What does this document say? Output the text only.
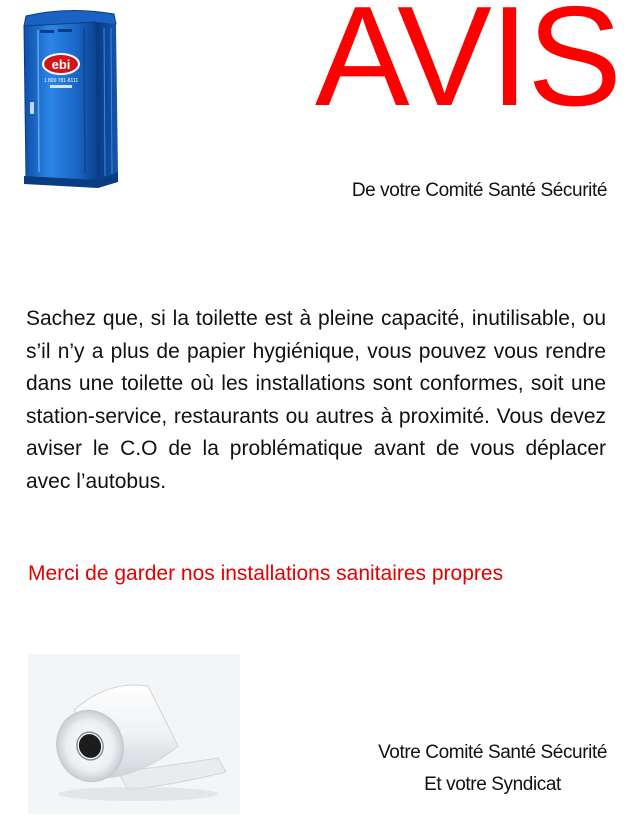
ebi
1 800 781-8111	AVIS
De votre Comité Santé Sécurité
Sachez que, si la toilette est à pleine capacité, inutilisable, ou s’il n’y a plus de papier hygiénique, vous pouvez vous rendre dans une toilette où les installations sont conformes, soit une station-service, restaurants ou autres à proximité. Vous devez aviser le C.O de la problématique avant de vous déplacer avec l’autobus.
Merci de garder nos installations sanitaires propres
Votre Comité Santé Sécurité
Et votre Syndicat
